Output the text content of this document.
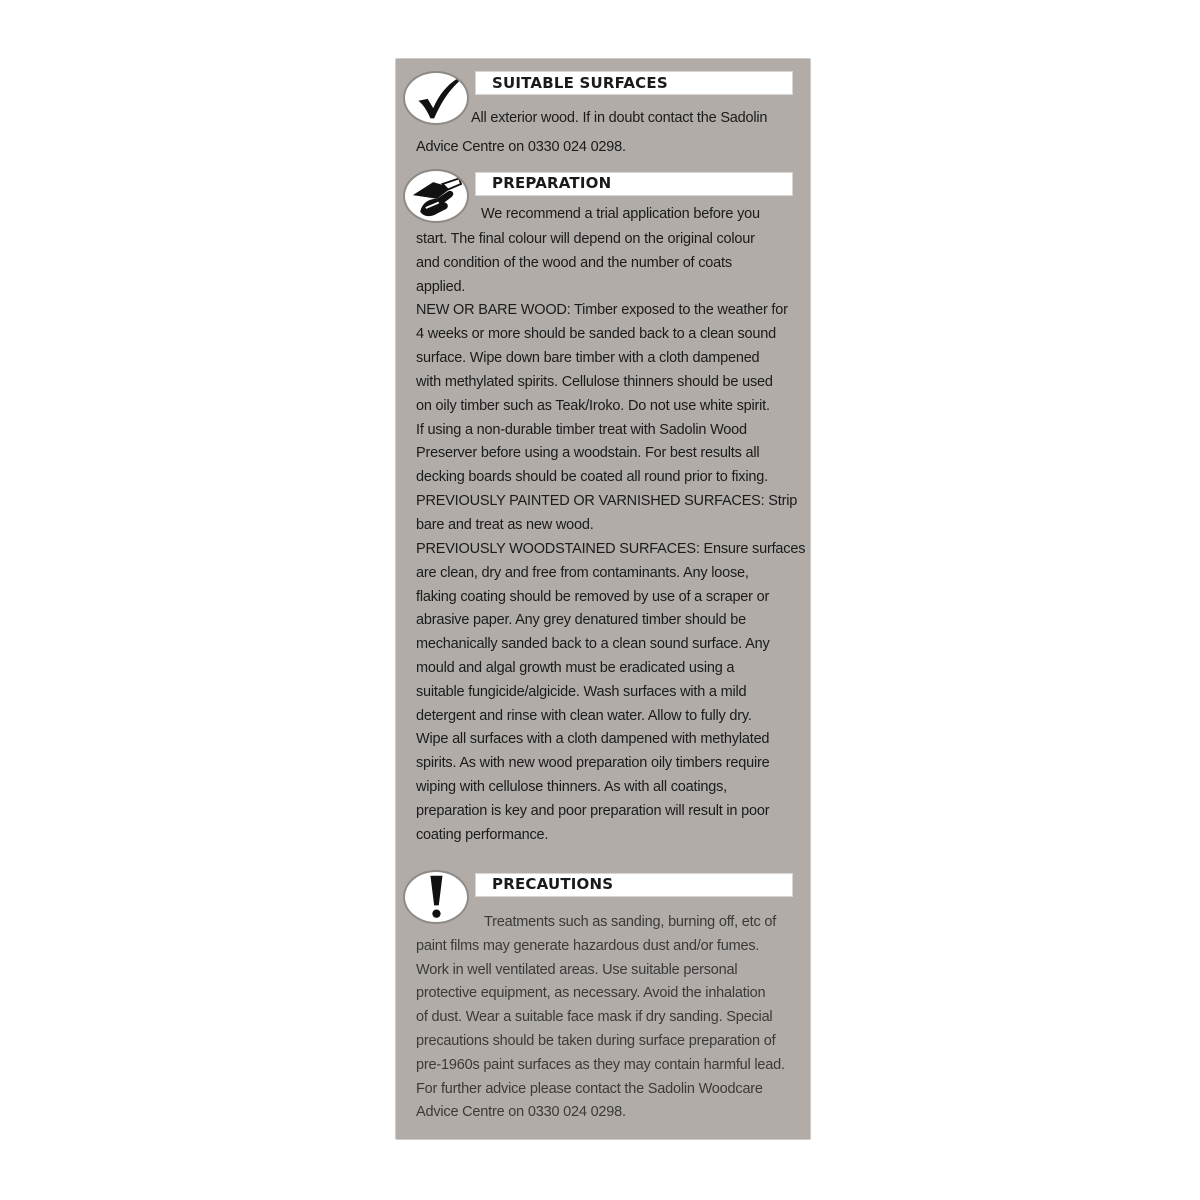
SUITABLE SURFACES
All exterior wood. If in doubt contact the Sadolin
Advice Centre on 0330 024 0298.
PREPARATION
We recommend a trial application before you
start. The final colour will depend on the original colour
and condition of the wood and the number of coats
applied.
NEW OR BARE WOOD: Timber exposed to the weather for
4 weeks or more should be sanded back to a clean sound
surface. Wipe down bare timber with a cloth dampened
with methylated spirits. Cellulose thinners should be used
on oily timber such as Teak/Iroko. Do not use white spirit.
If using a non-durable timber treat with Sadolin Wood
Preserver before using a woodstain. For best results all
decking boards should be coated all round prior to fixing.
PREVIOUSLY PAINTED OR VARNISHED SURFACES: Strip
bare and treat as new wood.
PREVIOUSLY WOODSTAINED SURFACES: Ensure surfaces
are clean, dry and free from contaminants. Any loose,
flaking coating should be removed by use of a scraper or
abrasive paper. Any grey denatured timber should be
mechanically sanded back to a clean sound surface. Any
mould and algal growth must be eradicated using a
suitable fungicide/algicide. Wash surfaces with a mild
detergent and rinse with clean water. Allow to fully dry.
Wipe all surfaces with a cloth dampened with methylated
spirits. As with new wood preparation oily timbers require
wiping with cellulose thinners. As with all coatings,
preparation is key and poor preparation will result in poor
coating performance.
PRECAUTIONS
Treatments such as sanding, burning off, etc of
paint films may generate hazardous dust and/or fumes.
Work in well ventilated areas. Use suitable personal
protective equipment, as necessary. Avoid the inhalation
of dust. Wear a suitable face mask if dry sanding. Special
precautions should be taken during surface preparation of
pre-1960s paint surfaces as they may contain harmful lead.
For further advice please contact the Sadolin Woodcare
Advice Centre on 0330 024 0298.
